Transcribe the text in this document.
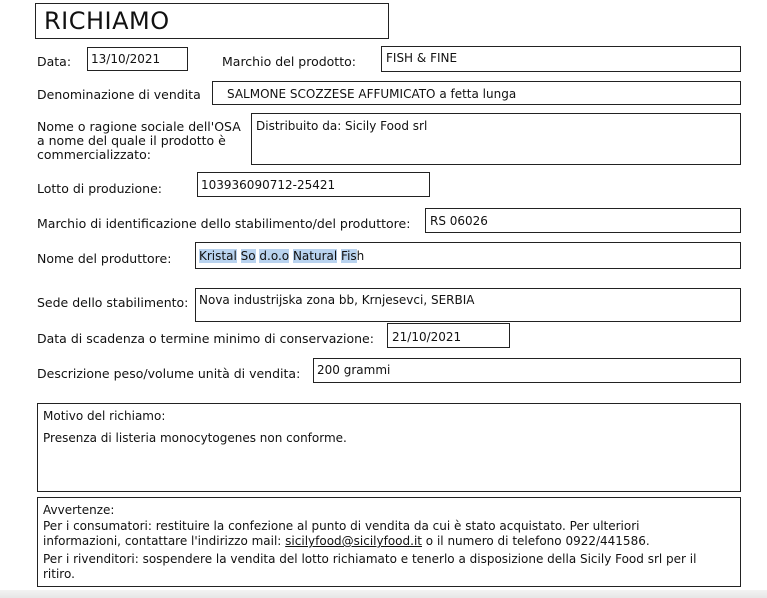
RICHIAMO
Data: 13/10/2021	Marchio del prodotto:	FISH & FINE
Denominazione di vendita SALMONE SCOZZESE AFFUMICATO a fetta lunga
Nome o ragione sociale dell'OSA
a nome del quale il prodotto è
commercializzato:
Distribuito da: Sicily Food srl
Lotto di produzione:	103936090712-25421
Marchio di identificazione dello stabilimento/del produttore: RS 06026
Nome del produttore: Kristal So d.o.o Natural Fish
Sede dello stabilimento: Nova industrijska zona bb, Krnjesevci, SERBIA
Data di scadenza o termine minimo di conservazione: 21/10/2021
Descrizione peso/volume unità di vendita: 200 grammi
Motivo del richiamo:
Presenza di listeria monocytogenes non conforme.
Avvertenze:
Per i consumatori: restituire la confezione al punto di vendita da cui è stato acquistato. Per ulteriori
informazioni, contattare l'indirizzo mail: sicilyfood@sicilyfood.it o il numero di telefono 0922/441586.
Per i rivenditori: sospendere la vendita del lotto richiamato e tenerlo a disposizione della Sicily Food srl per il
ritiro.
